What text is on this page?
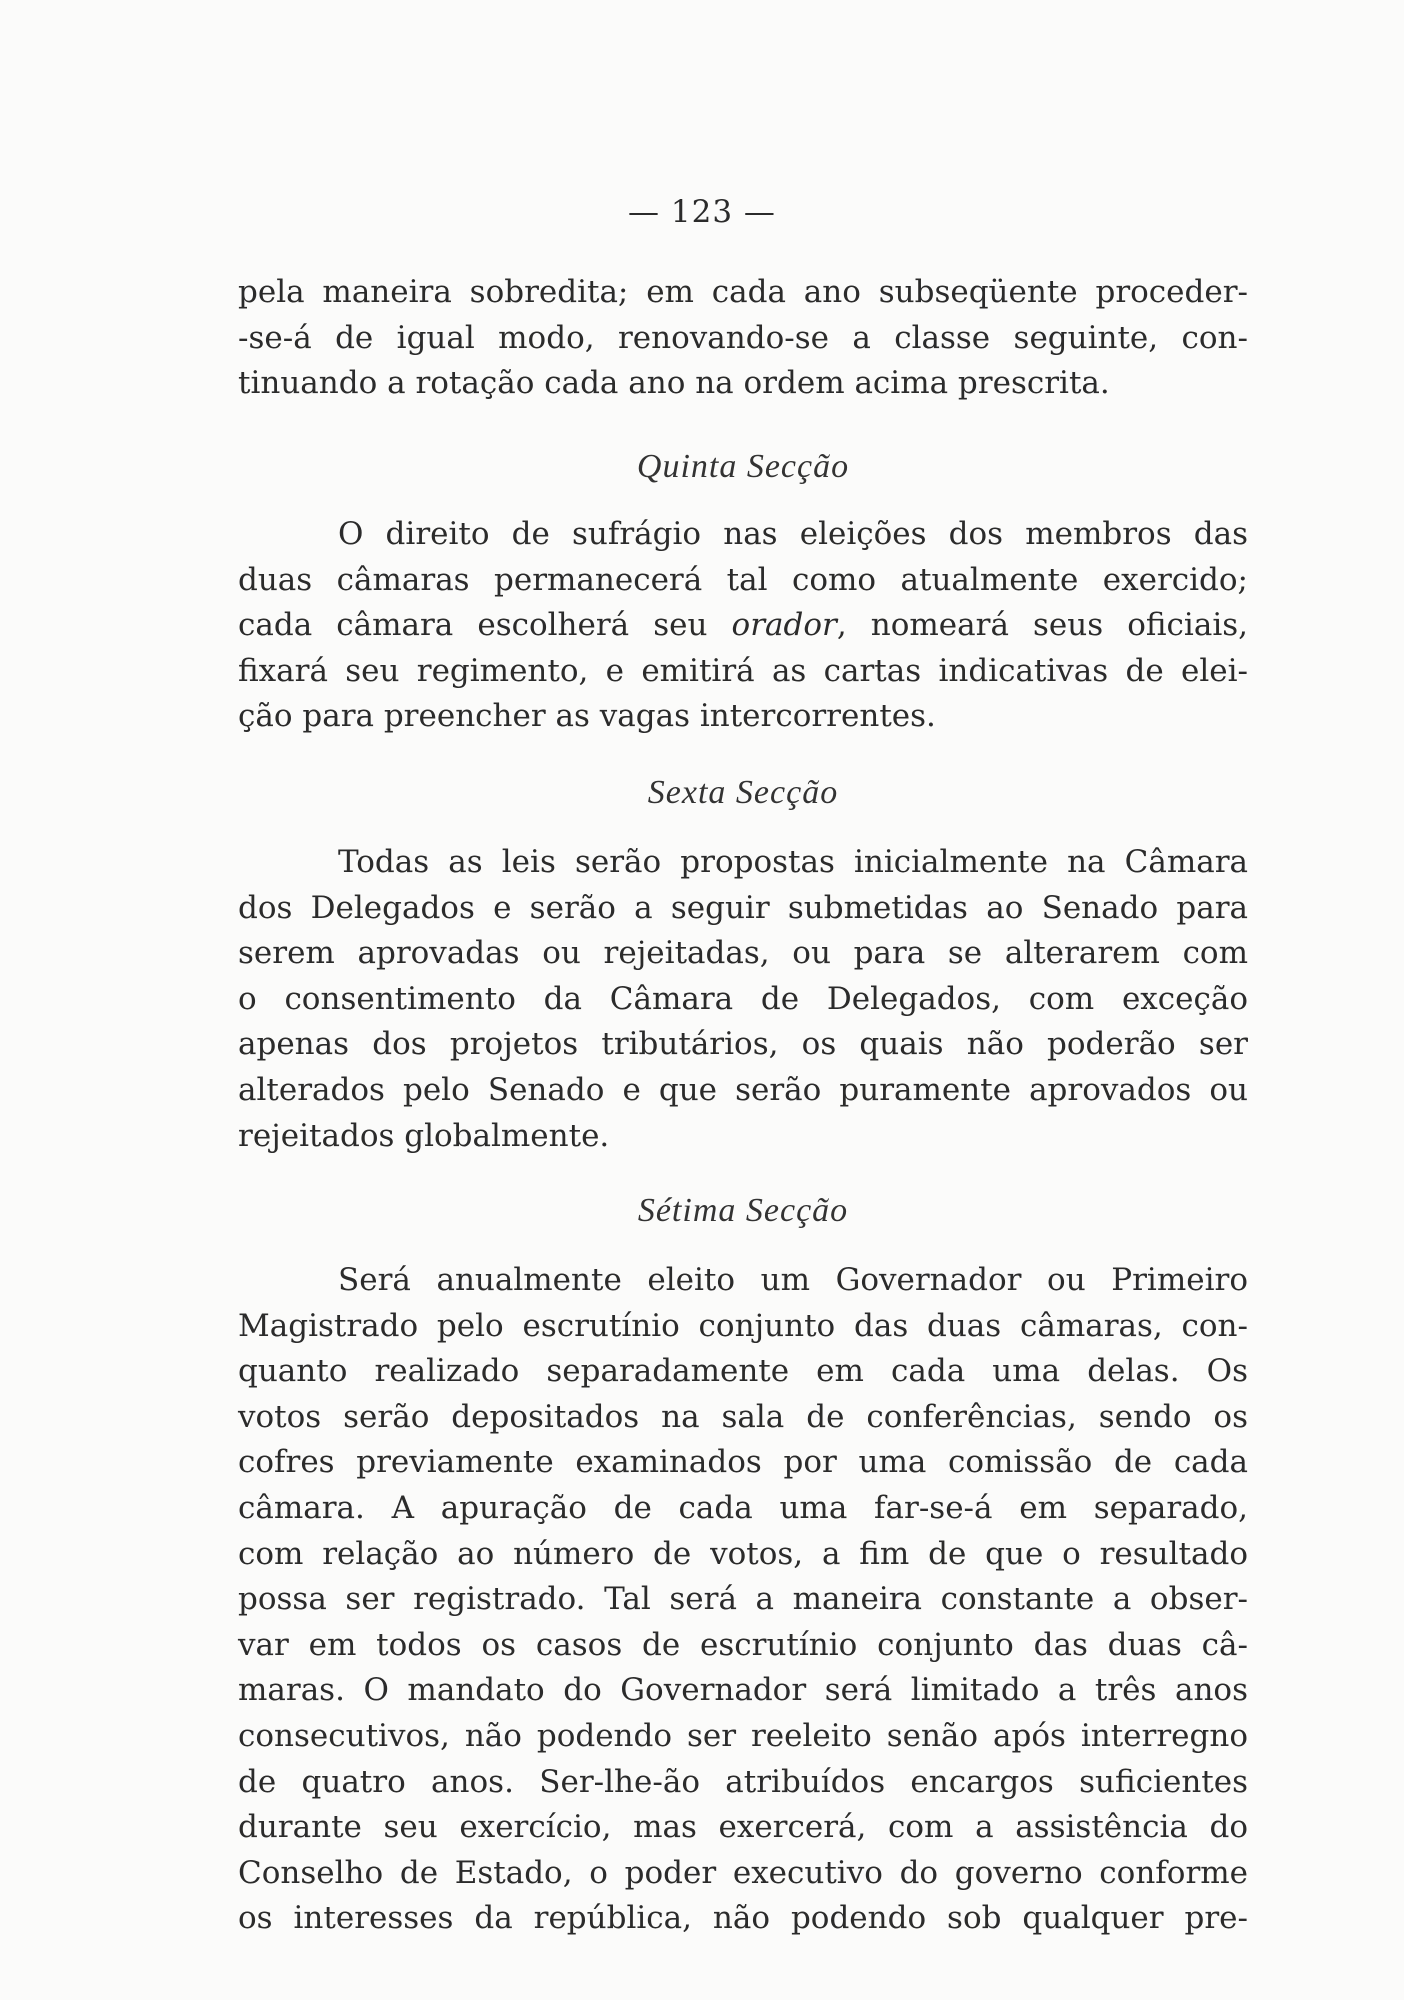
— 123 —
pela maneira sobredita; em cada ano subseqüente proceder-
-se-á de igual modo, renovando-se a classe seguinte, con-
tinuando a rotação cada ano na ordem acima prescrita.

Quinta Secção

O direito de sufrágio nas eleições dos membros das
duas câmaras permanecerá tal como atualmente exercido;
cada câmara escolherá seu orador, nomeará seus oficiais,
fixará seu regimento, e emitirá as cartas indicativas de elei-
ção para preencher as vagas intercorrentes.

Sexta Secção

Todas as leis serão propostas inicialmente na Câmara
dos Delegados e serão a seguir submetidas ao Senado para
serem aprovadas ou rejeitadas, ou para se alterarem com
o consentimento da Câmara de Delegados, com exceção
apenas dos projetos tributários, os quais não poderão ser
alterados pelo Senado e que serão puramente aprovados ou
rejeitados globalmente.

Sétima Secção

Será anualmente eleito um Governador ou Primeiro
Magistrado pelo escrutínio conjunto das duas câmaras, con-
quanto realizado separadamente em cada uma delas. Os
votos serão depositados na sala de conferências, sendo os
cofres previamente examinados por uma comissão de cada
câmara. A apuração de cada uma far-se-á em separado,
com relação ao número de votos, a fim de que o resultado
possa ser registrado. Tal será a maneira constante a obser-
var em todos os casos de escrutínio conjunto das duas câ-
maras. O mandato do Governador será limitado a três anos
consecutivos, não podendo ser reeleito senão após interregno
de quatro anos. Ser-lhe-ão atribuídos encargos suficientes
durante seu exercício, mas exercerá, com a assistência do
Conselho de Estado, o poder executivo do governo conforme
os interesses da república, não podendo sob qualquer pre-
